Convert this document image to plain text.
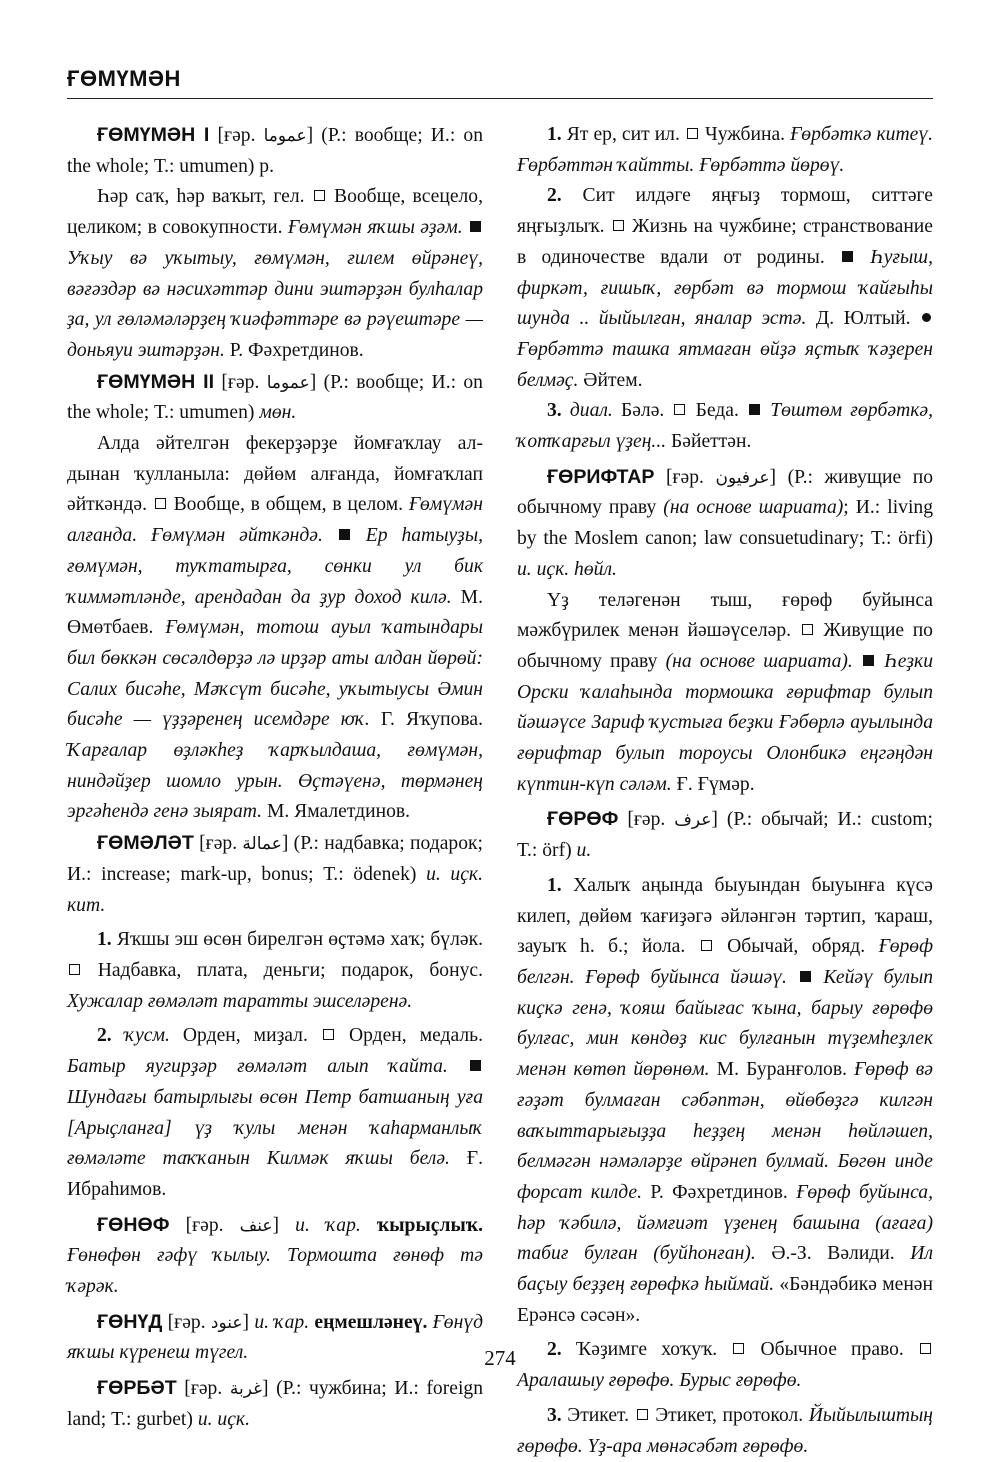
ҒӨМҮМӘН

ҒӨМҮМӘН I [ғәр. عموما] (Р.: вообще; И.: on the whole; Т.: umumen) р.

Һәр саҡ, һәр ваҡыт, гел.  Вообще, всецело, целиком; в совокупности. Ғөмүмән яҡшы әҙәм.  Уҡыу вә уҡытыу, ғөмүмән, ғилем өйрәнеү, вәғәздәр вә нәсихәттәр дини эштәрҙән булһалар ҙа, ул ғөләмәләрҙең ҡиәфәттәре вә рәүештәре — доньяуи эштәрҙән. Р. Фәхретдинов.

ҒӨМҮМӘН II [ғәр. عموما] (Р.: вообще; И.: on the whole; Т.: umumen) мөн.

Алда әйтелгән фекерҙәрҙе йомғаҡлау алдынан ҡулланыла: дөйөм алғанда, йомғаҡлап әйткәндә.  Вообще, в общем, в целом. Ғөмүмән алғанда. Ғөмүмән әйткәндә.  Ер һатыуҙы, ғөмүмән, туҡтатырға, сөнки ул бик ҡиммәтләнде, арендадан да ҙур доход килә. М. Өмөтбаев. Ғөмүмән, тотош ауыл ҡатындары бил бөккән сөсәлдөрҙә лә ирҙәр аты алдан йөрөй: Салих бисәһе, Мәҡсүт бисәһе, уҡытыусы Әмин бисәһе — үҙҙәренең исемдәре юҡ. Г. Яҡупова. Ҡарғалар өҙләкһеҙ ҡарҡылдаша, ғөмүмән, ниндәйҙер шомло урын. Өҫтәүенә, төрмәнең эргәһендә генә зыярат. М. Ямалетдинов.

ҒӨМӘЛӘТ [ғәр. عمالة] (Р.: надбавка; подарок; И.: increase; mark-up, bonus; Т.: ödenek) и. иҫк. кит.

1. Яҡшы эш өсөн бирелгән өҫтәмә хаҡ; бүләк.  Надбавка, плата, деньги; подарок, бонус. Хужалар ғөмәләт таратты эшселәренә.

2. ҡусм. Орден, миҙал.  Орден, медаль. Батыр яугирҙәр ғөмәләт алып ҡайта.  Шундағы батырлығы өсөн Петр батшаның уға [Арыҫланға] үҙ ҡулы менән ҡаһарманлыҡ ғөмәләте таҡҡанын Килмәк яҡшы белә. Ғ. Ибраһимов.

ҒӨНӨФ [ғәр. عنف] и. ҡар. ҡырыҫлыҡ. Ғөнөфөн ғәфү ҡылыу. Тормошта ғөнөф тә ҡәрәк.

ҒӨНҮД [ғәр. عنود] и. ҡар. еңмешләнеү. Ғөнүд яҡшы күренеш түгел.

ҒӨРБӘТ [ғәр. غربة] (Р.: чужбина; И.: foreign land; Т.: gurbet) и. иҫк.

1. Ят ер, сит ил.  Чужбина. Ғөрбәткә китеү. Ғөрбәттән ҡайтты. Ғөрбәттә йөрөү.

2. Сит илдәге яңғыҙ тормош, ситтәге яңғыҙлыҡ.  Жизнь на чужбине; странствование в одиночестве вдали от родины.  Һуғыш, фиркәт, ғишыҡ, ғөрбәт вә тормош ҡайғыһы шунда .. йыйылған, яналар эстә. Д. Юлтый.  Ғөрбәттә ташка ятмаған өйҙә яҫтыҡ ҡәҙерен белмәҫ. Әйтем.

3. диал. Бәлә.  Беда.  Төштөм ғөрбәткә, ҡотҡарғыл үҙең... Бәйеттән.

ҒӨРИФТАР [ғәр. عرفيون] (Р.: живущие по обычному праву (на основе шариата); И.: living by the Moslem canon; law consuetudinary; Т.: örfi) и. иҫк. һөйл.

Үҙ теләгенән тыш, ғөрөф буйынса мәжбүрилек менән йәшәүселәр.  Живущие по обычному праву (на основе шариата).  Һеҙки Орски ҡалаһында тормошка ғөрифтар булып йәшәүсе Зариф ҡустыға беҙки Ғәбөрлә ауылында ғөрифтар булып тороусы Олонбикә еңгәңдән күптин-күп сәләм. Ғ. Ғүмәр.

ҒӨРӨФ [ғәр. عرف] (Р.: обычай; И.: custom; Т.: örf) и.

1. Халыҡ аңында быуындан быуынға күсә килеп, дөйөм ҡағиҙәгә әйләнгән тәртип, ҡараш, зауыҡ һ. б.; йола.  Обычай, обряд. Ғөрөф белгән. Ғөрөф буйынса йәшәү.  Кейәү булып киҫкә генә, ҡояш байығас ҡына, барыу ғөрөфө булғас, мин көндөҙ кис булғанын түҙемһеҙлек менән көтөп йөрөнөм. М. Буранғолов. Ғөрөф вә ғәҙәт булмаған сәбәптән, өйөбөҙгә килгән ваҡыттарығыҙҙа һеҙҙең менән һөйләшеп, белмәгән нәмәләрҙе өйрәнеп булмай. Бөгөн инде форсат килде. Р. Фәхретдинов. Ғөрөф буйынса, һәр ҡәбилә, йәмғиәт үҙенең башына (ағаға) табиғ булған (буйһонған). Ә.-З. Вәлиди. Ил баҫыу беҙҙең ғөрөфкә һыймай. «Бәндәбикә менән Ерәнсә сәсән».

2. Ҡәҙимге хоҡуҡ.  Обычное право.  Аралашыу ғөрөфө. Бурыс ғөрөфө.

3. Этикет.  Этикет, протокол. Йыйылыштың ғөрөфө. Үҙ-ара мөнәсәбәт ғөрөфө.

274
